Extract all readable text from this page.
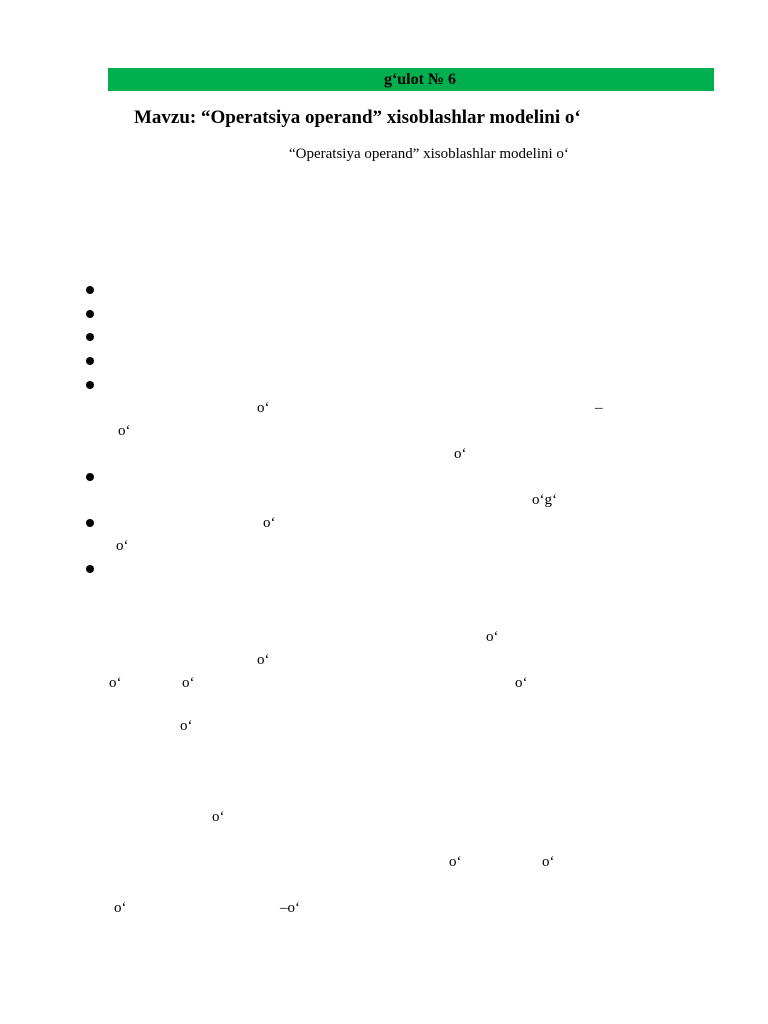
g‘ulot № 6
Mavzu: “Operatsiya operand” xisoblashlar modelini o‘
“Operatsiya operand” xisoblashlar modelini o‘
o‘	–
o‘
o‘
o‘g‘
o‘
o‘
o‘
o‘
o‘	o‘	o‘
o‘
o‘
o‘	o‘
o‘	–o‘
